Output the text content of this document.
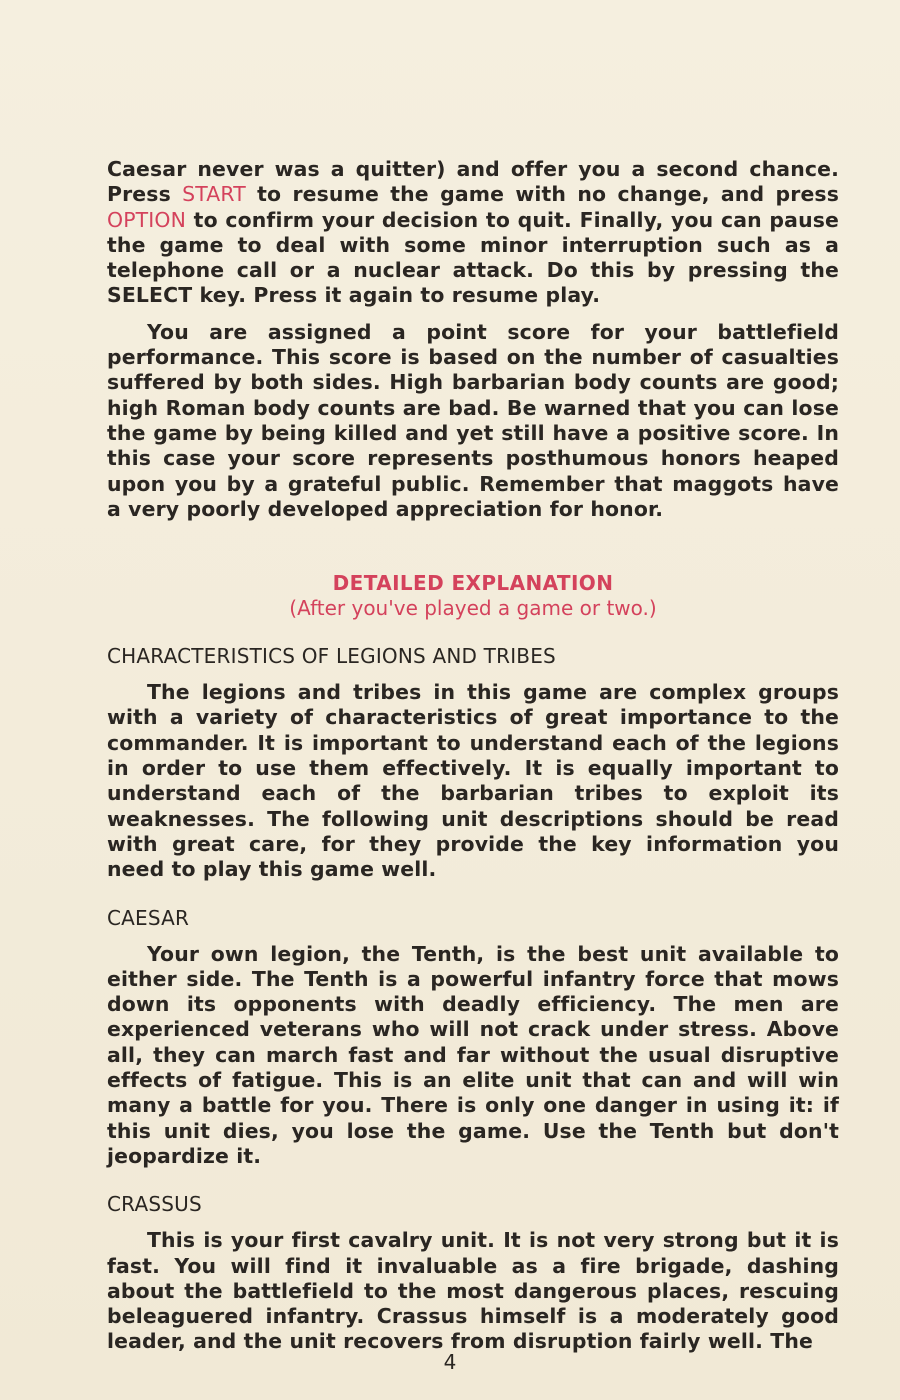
Caesar never was a quitter) and offer you a second chance. Press START to resume the game with no change, and press OPTION to confirm your decision to quit. Finally, you can pause the game to deal with some minor interruption such as a telephone call or a nuclear attack. Do this by pressing the SELECT key. Press it again to resume play.

You are assigned a point score for your battlefield performance. This score is based on the number of casualties suffered by both sides. High barbarian body counts are good; high Roman body counts are bad. Be warned that you can lose the game by being killed and yet still have a positive score. In this case your score represents posthumous honors heaped upon you by a grateful public. Remember that maggots have a very poorly developed appreciation for honor.

DETAILED EXPLANATION
(After you've played a game or two.)
CHARACTERISTICS OF LEGIONS AND TRIBES

The legions and tribes in this game are complex groups with a variety of characteristics of great importance to the commander. It is important to understand each of the legions in order to use them effectively. It is equally important to understand each of the barbarian tribes to exploit its weaknesses. The following unit descriptions should be read with great care, for they provide the key information you need to play this game well.

CAESAR

Your own legion, the Tenth, is the best unit available to either side. The Tenth is a powerful infantry force that mows down its opponents with deadly efficiency. The men are experienced veterans who will not crack under stress. Above all, they can march fast and far without the usual disruptive effects of fatigue. This is an elite unit that can and will win many a battle for you. There is only one danger in using it: if this unit dies, you lose the game. Use the Tenth but don't jeopardize it.

CRASSUS

This is your first cavalry unit. It is not very strong but it is fast. You will find it invaluable as a fire brigade, dashing about the battlefield to the most dangerous places, rescuing beleaguered infantry. Crassus himself is a moderately good leader, and the unit recovers from disruption fairly well. The

4
